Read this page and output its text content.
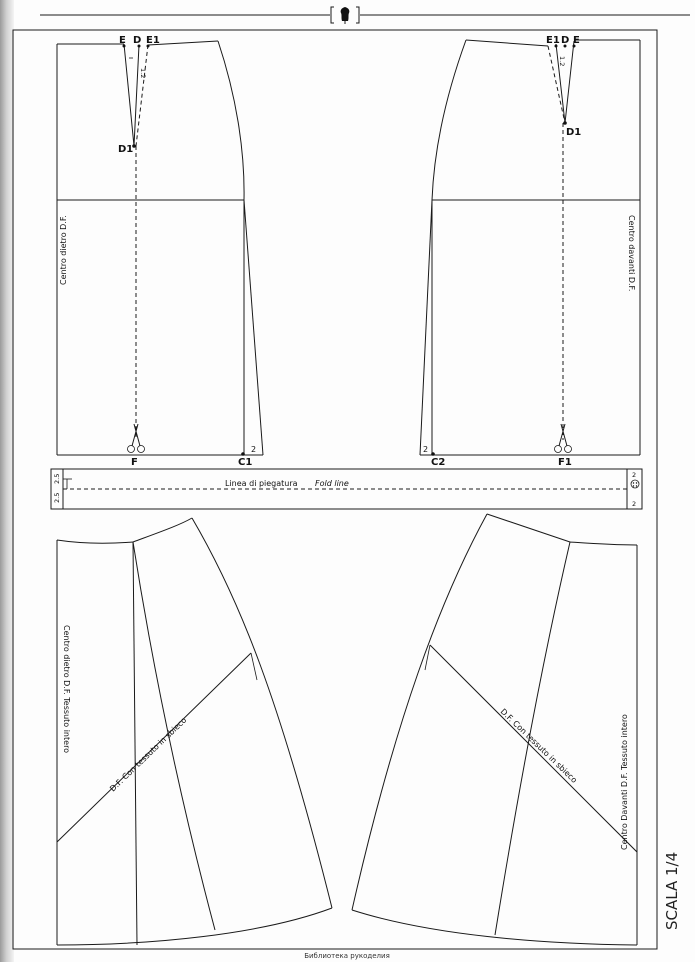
E D E1
D1
F	C1
1.2
2
Centro dietro D.F.
E1 D E
D1
F1
C2
1.2
2
Centro davanti D.F.
2.5
2.5
Linea di piegatura Fold line
2
2
Centro dietro D.F. Tessuto intero
D.F. Con tessuto in sbieco	Centro Davanti D.F. Tessuto intero
D.F. Con tessuto in sbieco
SCALA 1/4
Библиотека рукоделия
